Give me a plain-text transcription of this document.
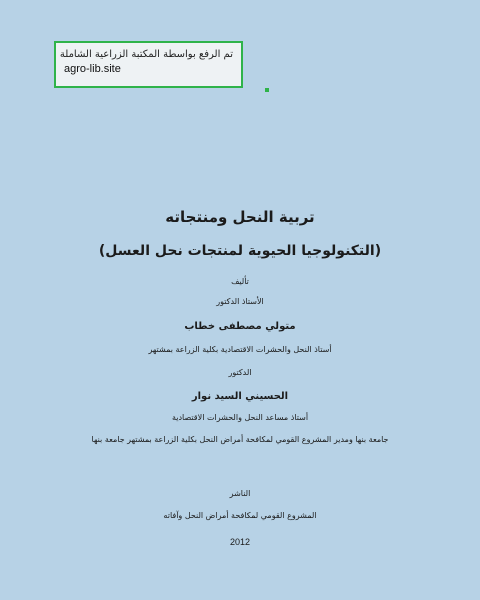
تم الرفع بواسطة المكتبة الزراعية الشاملة
agro-lib.site
تربية النحل ومنتجاته
(التكنولوجيا الحيوية لمنتجات نحل العسل)
تأليف
الأستاذ الدكتور
متولي مصطفى خطاب
أستاذ النحل والحشرات الاقتصادية بكلية الزراعة بمشتهر
الدكتور
الحسيني السيد نوار
أستاذ مساعد النحل والحشرات الاقتصادية
جامعة بنها ومدير المشروع القومي لمكافحة أمراض النحل بكلية الزراعة بمشتهر جامعة بنها
الناشر
المشروع القومي لمكافحة أمراض النحل وآفاته
2012
